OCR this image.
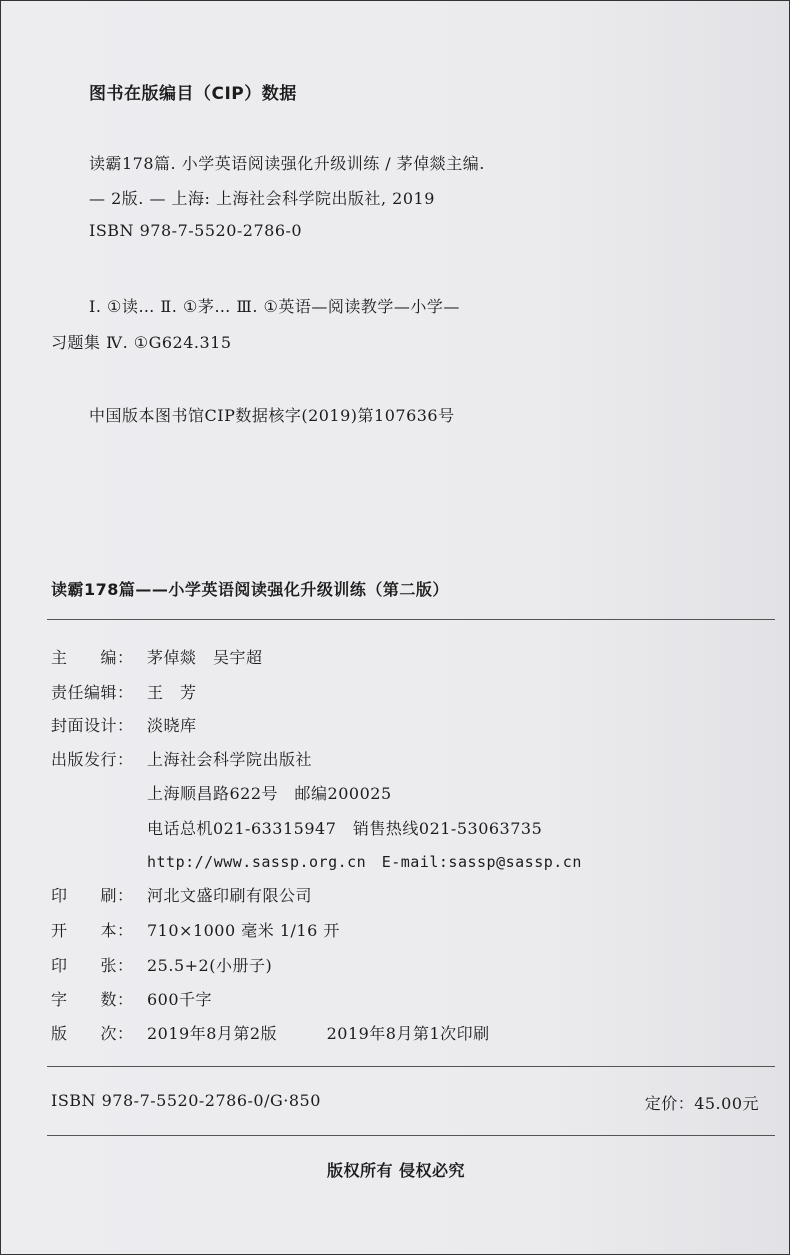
图书在版编目（CIP）数据
读霸178篇. 小学英语阅读强化升级训练 / 茅倬燚主编.
— 2版. — 上海: 上海社会科学院出版社, 2019
ISBN 978-7-5520-2786-0
Ⅰ. ①读… Ⅱ. ①茅… Ⅲ. ①英语—阅读教学—小学—
习题集 Ⅳ. ①G624.315
中国版本图书馆CIP数据核字(2019)第107636号
读霸178篇——小学英语阅读强化升级训练（第二版）
主　　编： 茅倬燚　吴宇超
责任编辑： 王　芳
封面设计： 淡晓库
出版发行： 上海社会科学院出版社
上海顺昌路622号　邮编200025
电话总机021-63315947　销售热线021-53063735
http://www.sassp.org.cn　E-mail:sassp@sassp.cn
印　　刷： 河北文盛印刷有限公司
开　　本： 710×1000 毫米 1/16 开
印　　张： 25.5+2(小册子)
字　　数： 600千字
版　　次： 2019年8月第2版　　　2019年8月第1次印刷
ISBN 978-7-5520-2786-0/G·850	定价：45.00元
版权所有 侵权必究
